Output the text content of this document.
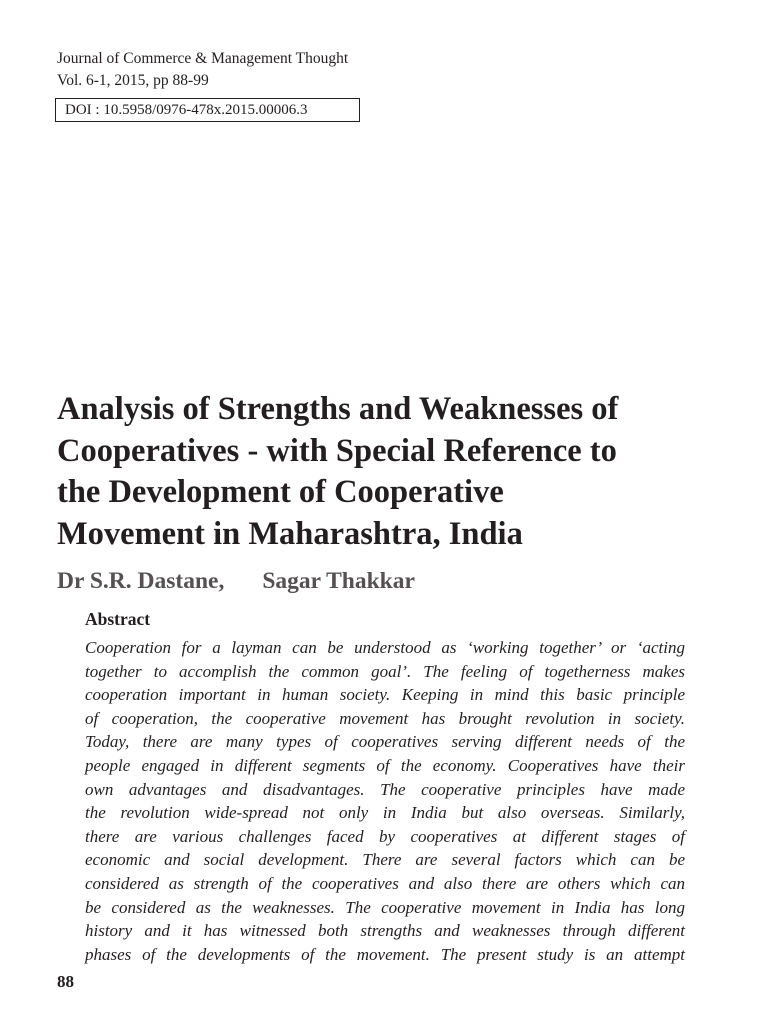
Journal of Commerce & Management Thought
Vol. 6-1, 2015, pp 88-99
DOI : 10.5958/0976-478x.2015.00006.3
Analysis of Strengths and Weaknesses of
Cooperatives - with Special Reference to
the Development of Cooperative
Movement in Maharashtra, India
Dr S.R. Dastane, Sagar Thakkar
Abstract
Cooperation for a layman can be understood as ‘working together’ or ‘acting
together to accomplish the common goal’. The feeling of togetherness makes
cooperation important in human society. Keeping in mind this basic principle
of cooperation, the cooperative movement has brought revolution in society.
Today, there are many types of cooperatives serving different needs of the
people engaged in different segments of the economy. Cooperatives have their
own advantages and disadvantages. The cooperative principles have made
the revolution wide-spread not only in India but also overseas. Similarly,
there are various challenges faced by cooperatives at different stages of
economic and social development. There are several factors which can be
considered as strength of the cooperatives and also there are others which can
be considered as the weaknesses. The cooperative movement in India has long
history and it has witnessed both strengths and weaknesses through different
phases of the developments of the movement. The present study is an attempt
88
